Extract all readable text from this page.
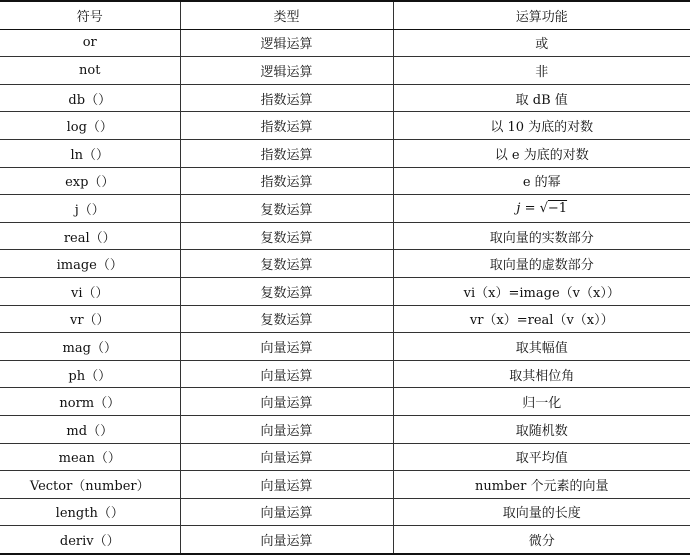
符号	类型	运算功能
or	逻辑运算	或
not	逻辑运算	非
db（）	指数运算	取 dB 值
log（）	指数运算	以 10 为底的对数
ln（）	指数运算	以 e 为底的对数
exp（）	指数运算	e 的幂
j（）	复数运算	j = √−1
real（）	复数运算	取向量的实数部分
image（）	复数运算	取向量的虚数部分
vi（）	复数运算	vi（x）=image（v（x））
vr（）	复数运算	vr（x）=real（v（x））
mag（）	向量运算	取其幅值
ph（）	向量运算	取其相位角
norm（）	向量运算	归一化
md（）	向量运算	取随机数
mean（）	向量运算	取平均值
Vector（number）	向量运算	number 个元素的向量
length（）	向量运算	取向量的长度
deriv（）	向量运算	微分
